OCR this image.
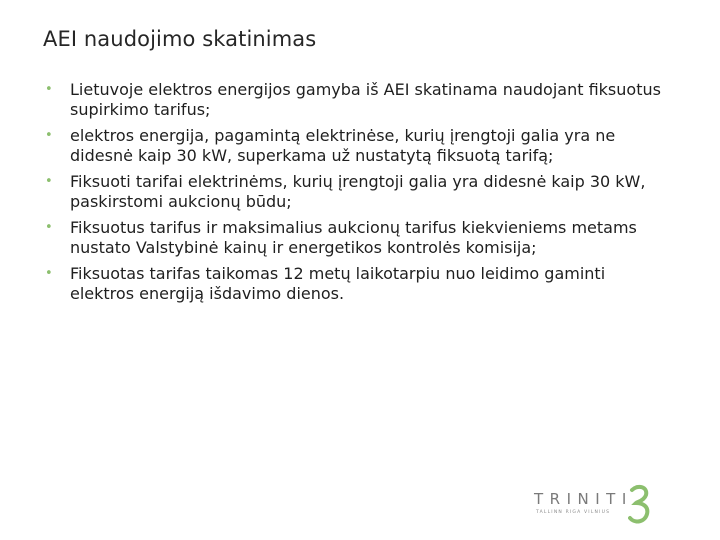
AEI naudojimo skatinimas
• Lietuvoje elektros energijos gamyba iš AEI skatinama naudojant fiksuotus supirkimo tarifus;
• elektros energija, pagamintą elektrinėse, kurių įrengtoji galia yra ne didesnė kaip 30 kW, superkama už nustatytą fiksuotą tarifą;
• Fiksuoti tarifai elektrinėms, kurių įrengtoji galia yra didesnė kaip 30 kW, paskirstomi aukcionų būdu;
• Fiksuotus tarifus ir maksimalius aukcionų tarifus kiekvieniems metams nustato Valstybinė kainų ir energetikos kontrolės komisija;
• Fiksuotas tarifas taikomas 12 metų laikotarpiu nuo leidimo gaminti elektros energiją išdavimo dienos.
TRINITI
TALLINN RIGA VILNIUS
